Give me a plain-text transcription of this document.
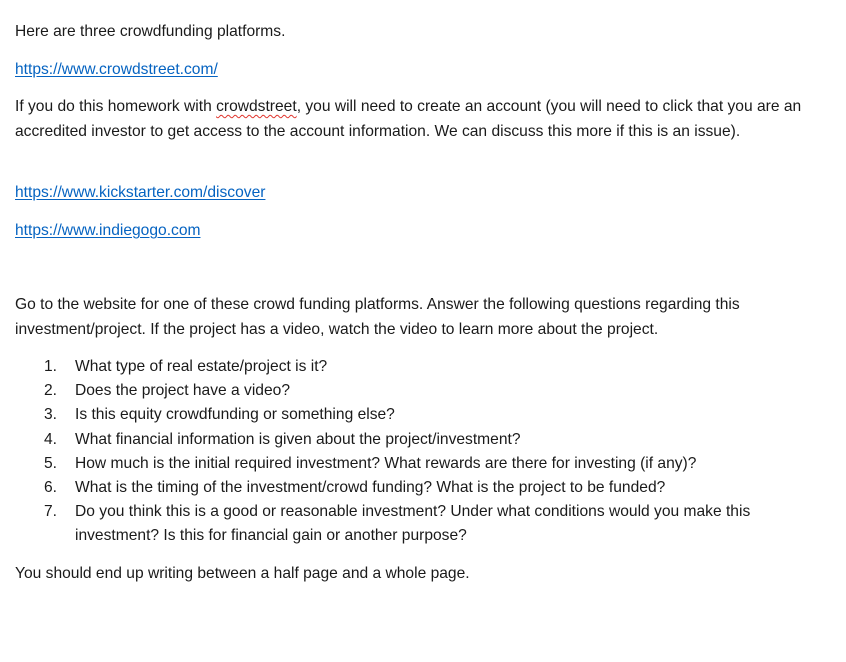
Here are three crowdfunding platforms.

https://www.crowdstreet.com/

If you do this homework with crowdstreet, you will need to create an account (you will need to click that you are an accredited investor to get access to the account information. We can discuss this more if this is an issue).

https://www.kickstarter.com/discover

https://www.indiegogo.com

Go to the website for one of these crowd funding platforms. Answer the following questions regarding this investment/project. If the project has a video, watch the video to learn more about the project.

1. What type of real estate/project is it?
2. Does the project have a video?
3. Is this equity crowdfunding or something else?
4. What financial information is given about the project/investment?
5. How much is the initial required investment? What rewards are there for investing (if any)?
6. What is the timing of the investment/crowd funding? What is the project to be funded?
7. Do you think this is a good or reasonable investment? Under what conditions would you make this investment? Is this for financial gain or another purpose?

You should end up writing between a half page and a whole page.
